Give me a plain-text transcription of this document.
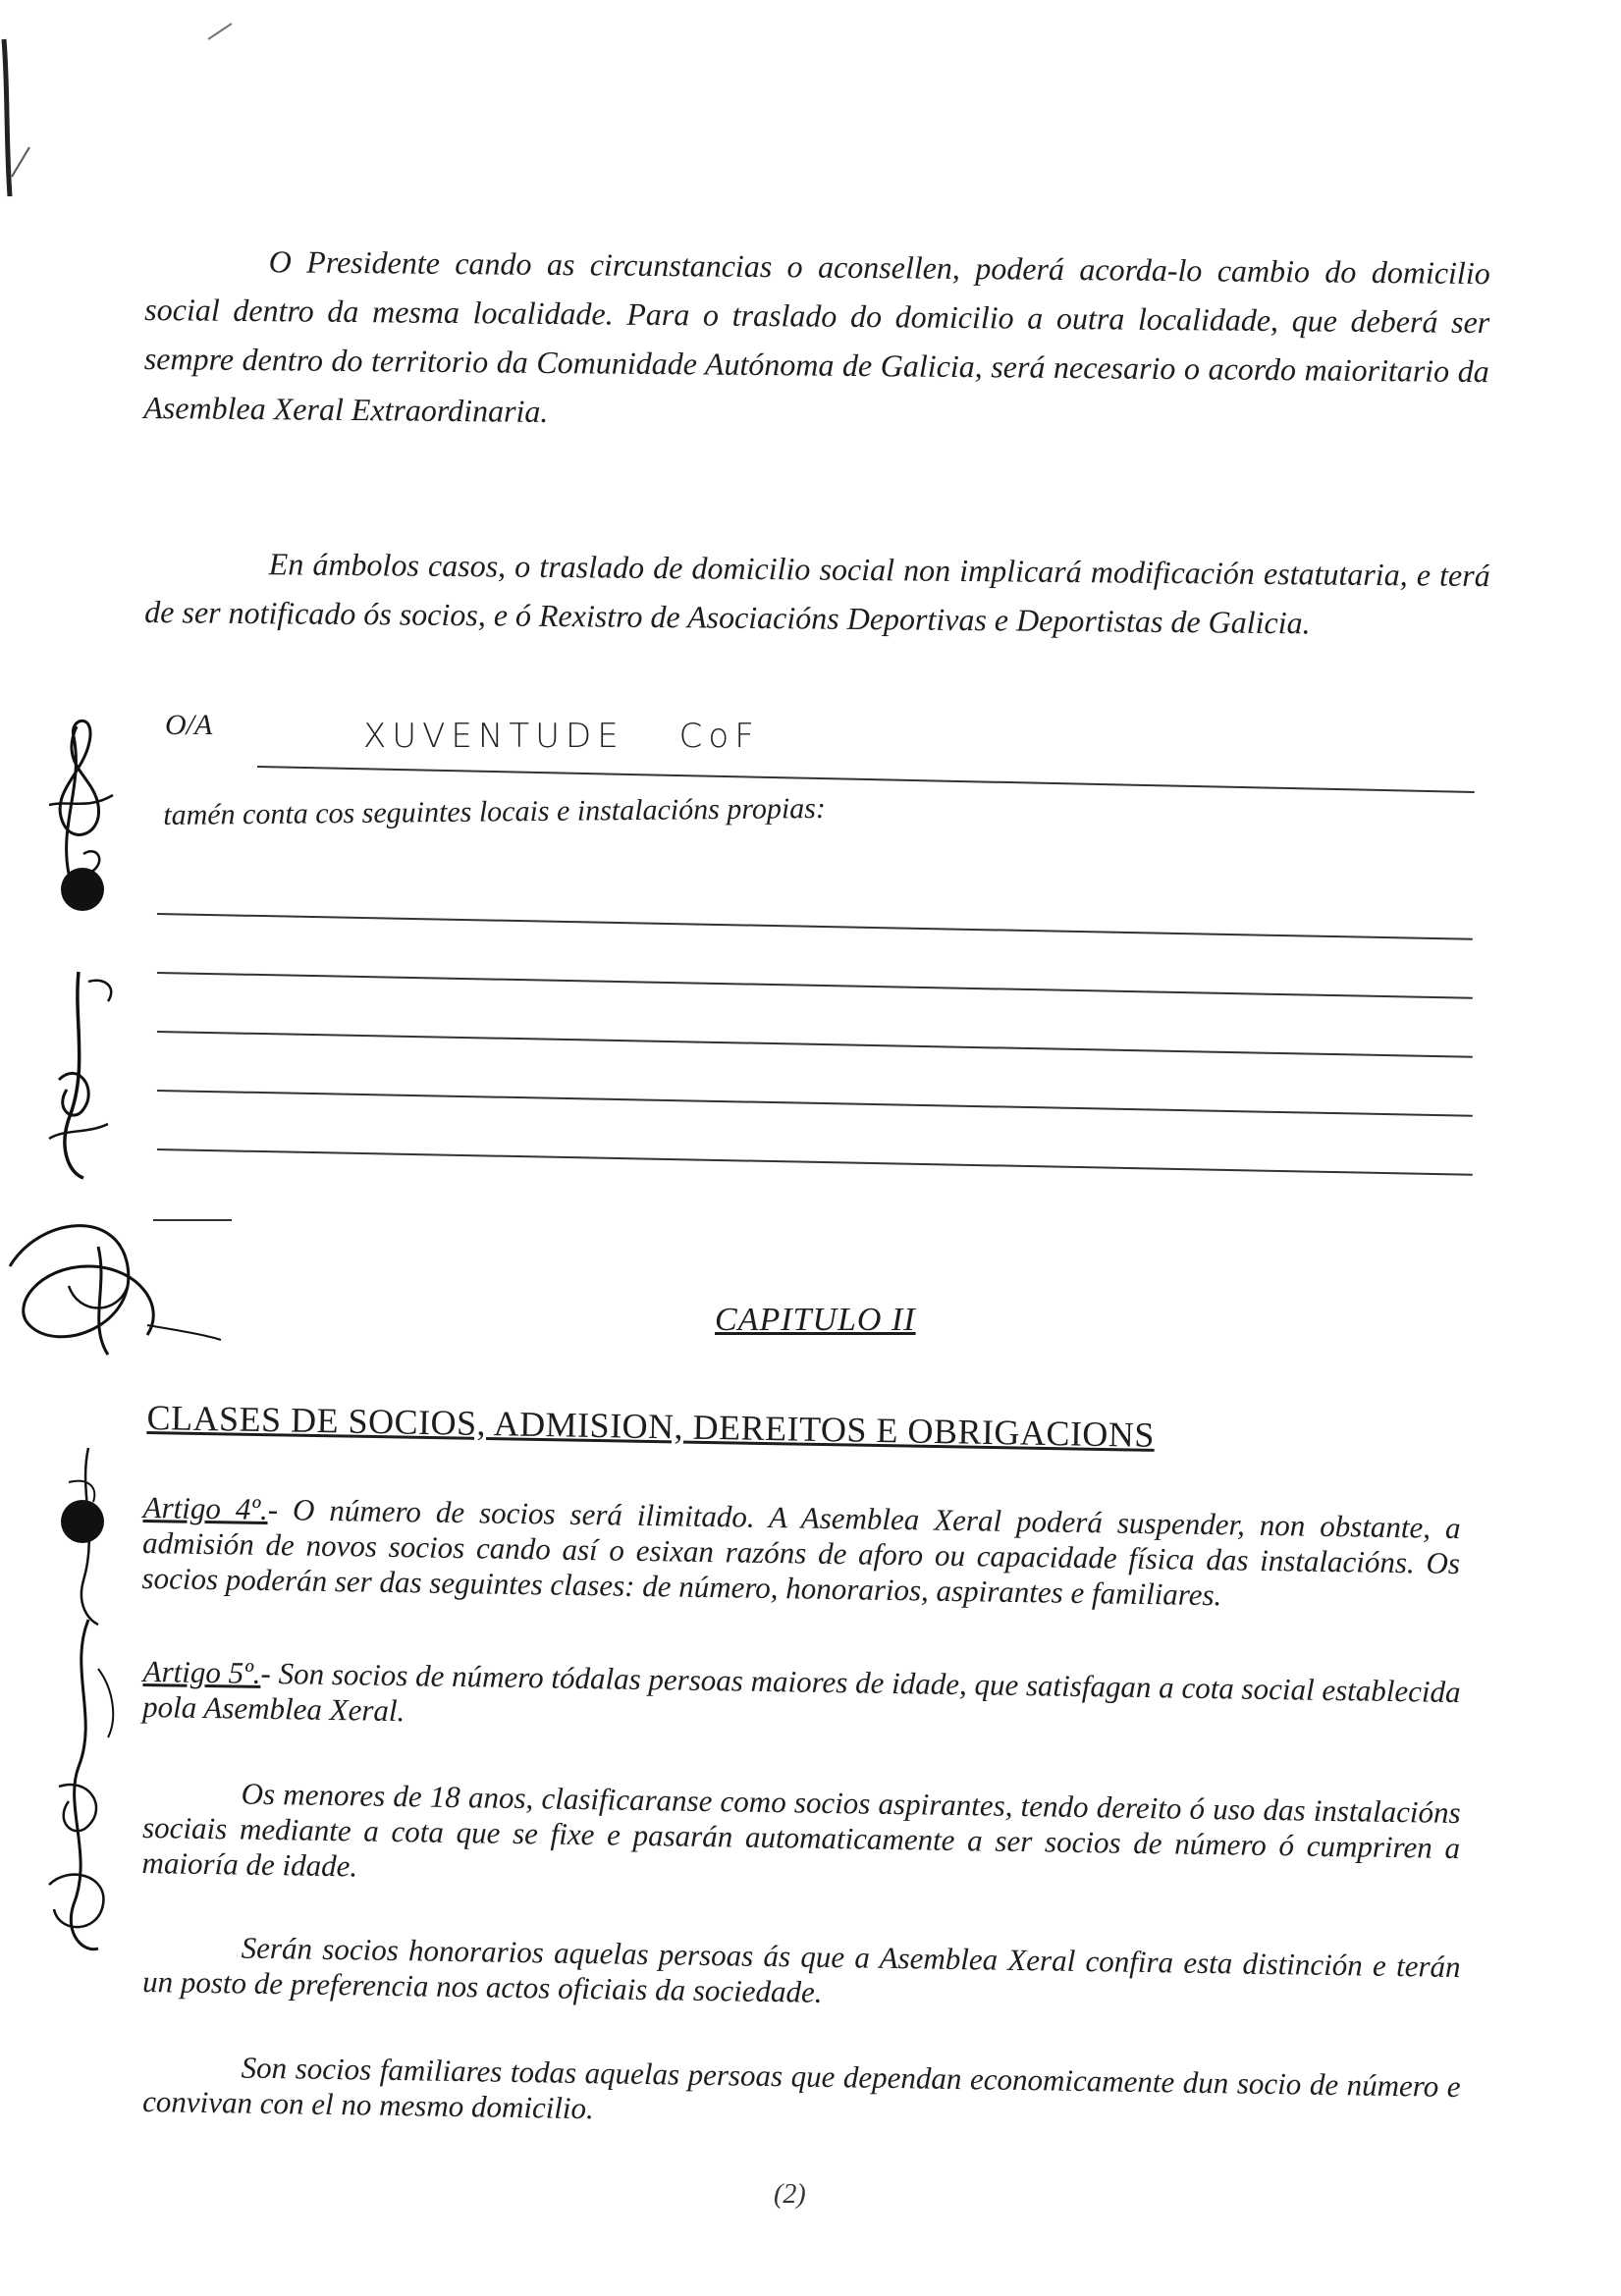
O Presidente cando as circunstancias o aconsellen, poderá acorda-lo cambio do domicilio social dentro da mesma localidade. Para o traslado do domicilio a outra localidade, que deberá ser sempre dentro do territorio da Comunidade Autónoma de Galicia, será necesario o acordo maioritario da Asemblea Xeral Extraordinaria.
En ámbolos casos, o traslado de domicilio social non implicará modificación estatutaria, e terá de ser notificado ós socios, e ó Rexistro de Asociacións Deportivas e Deportistas de Galicia.
O/A	XUVENTUDE CoF
tamén conta cos seguintes locais e instalacións propias:
CAPITULO II
CLASES DE SOCIOS, ADMISION, DEREITOS E OBRIGACIONS
Artigo 4º.- O número de socios será ilimitado. A Asemblea Xeral poderá suspender, non obstante, a admisión de novos socios cando así o esixan razóns de aforo ou capacidade física das instalacións. Os socios poderán ser das seguintes clases: de número, honorarios, aspirantes e familiares.
Artigo 5º.- Son socios de número tódalas persoas maiores de idade, que satisfagan a cota social establecida pola Asemblea Xeral.
Os menores de 18 anos, clasificaranse como socios aspirantes, tendo dereito ó uso das instalacións sociais mediante a cota que se fixe e pasarán automaticamente a ser socios de número ó cumpriren a maioría de idade.
Serán socios honorarios aquelas persoas ás que a Asemblea Xeral confira esta distinción e terán un posto de preferencia nos actos oficiais da sociedade.
Son socios familiares todas aquelas persoas que dependan economicamente dun socio de número e convivan con el no mesmo domicilio.
(2)
